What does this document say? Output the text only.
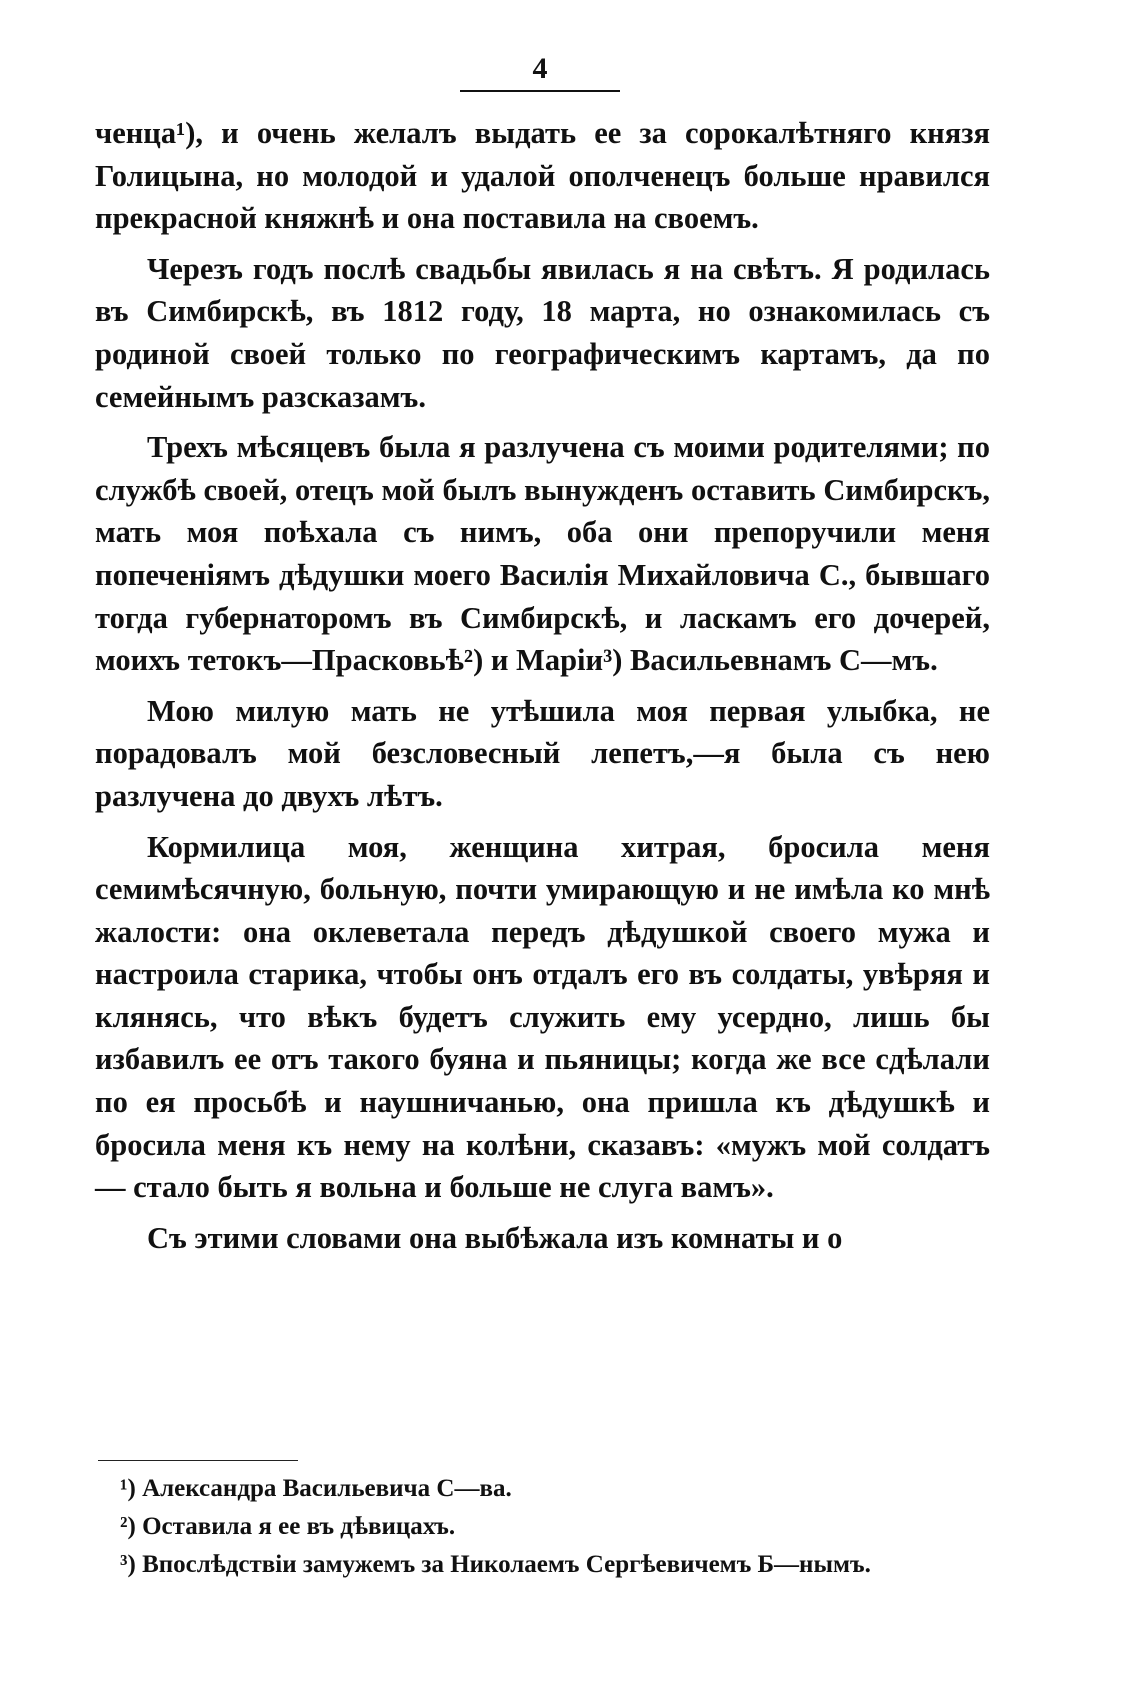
4

ченца¹), и очень желалъ выдать ее за сорокалѣтняго князя Голицына, но молодой и удалой ополченецъ больше нравился прекрасной княжнѣ и она поставила на своемъ.

Черезъ годъ послѣ свадьбы явилась я на свѣтъ. Я родилась въ Симбирскѣ, въ 1812 году, 18 марта, но ознакомилась съ родиной своей только по географическимъ картамъ, да по семейнымъ разсказамъ.

Трехъ мѣсяцевъ была я разлучена съ моими родителями; по службѣ своей, отецъ мой былъ вынужденъ оставить Симбирскъ, мать моя поѣхала съ нимъ, оба они препоручили меня попеченiямъ дѣдушки моего Василiя Михайловича С., бывшаго тогда губернаторомъ въ Симбирскѣ, и ласкамъ его дочерей, моихъ тетокъ—Прасковьѣ²) и Марiи³) Васильевнамъ С—мъ.

Мою милую мать не утѣшила моя первая улыбка, не порадовалъ мой безсловесный лепетъ,—я была съ нею разлучена до двухъ лѣтъ.

Кормилица моя, женщина хитрая, бросила меня семимѣсячную, больную, почти умирающую и не имѣла ко мнѣ жалости: она оклеветала передъ дѣдушкой своего мужа и настроила старика, чтобы онъ отдалъ его въ солдаты, увѣряя и клянясь, что вѣкъ будетъ служить ему усердно, лишь бы избавилъ ее отъ такого буяна и пьяницы; когда же все сдѣлали по ея просьбѣ и наушничанью, она пришла къ дѣдушкѣ и бросила меня къ нему на колѣни, сказавъ: «мужъ мой солдатъ — стало быть я вольна и больше не слуга вамъ».

Съ этими словами она выбѣжала изъ комнаты и о

¹) Александра Васильевича С—ва.
²) Оставила я ее въ дѣвицахъ.
³) Впослѣдствiи замужемъ за Николаемъ Сергѣевичемъ Б—нымъ.
